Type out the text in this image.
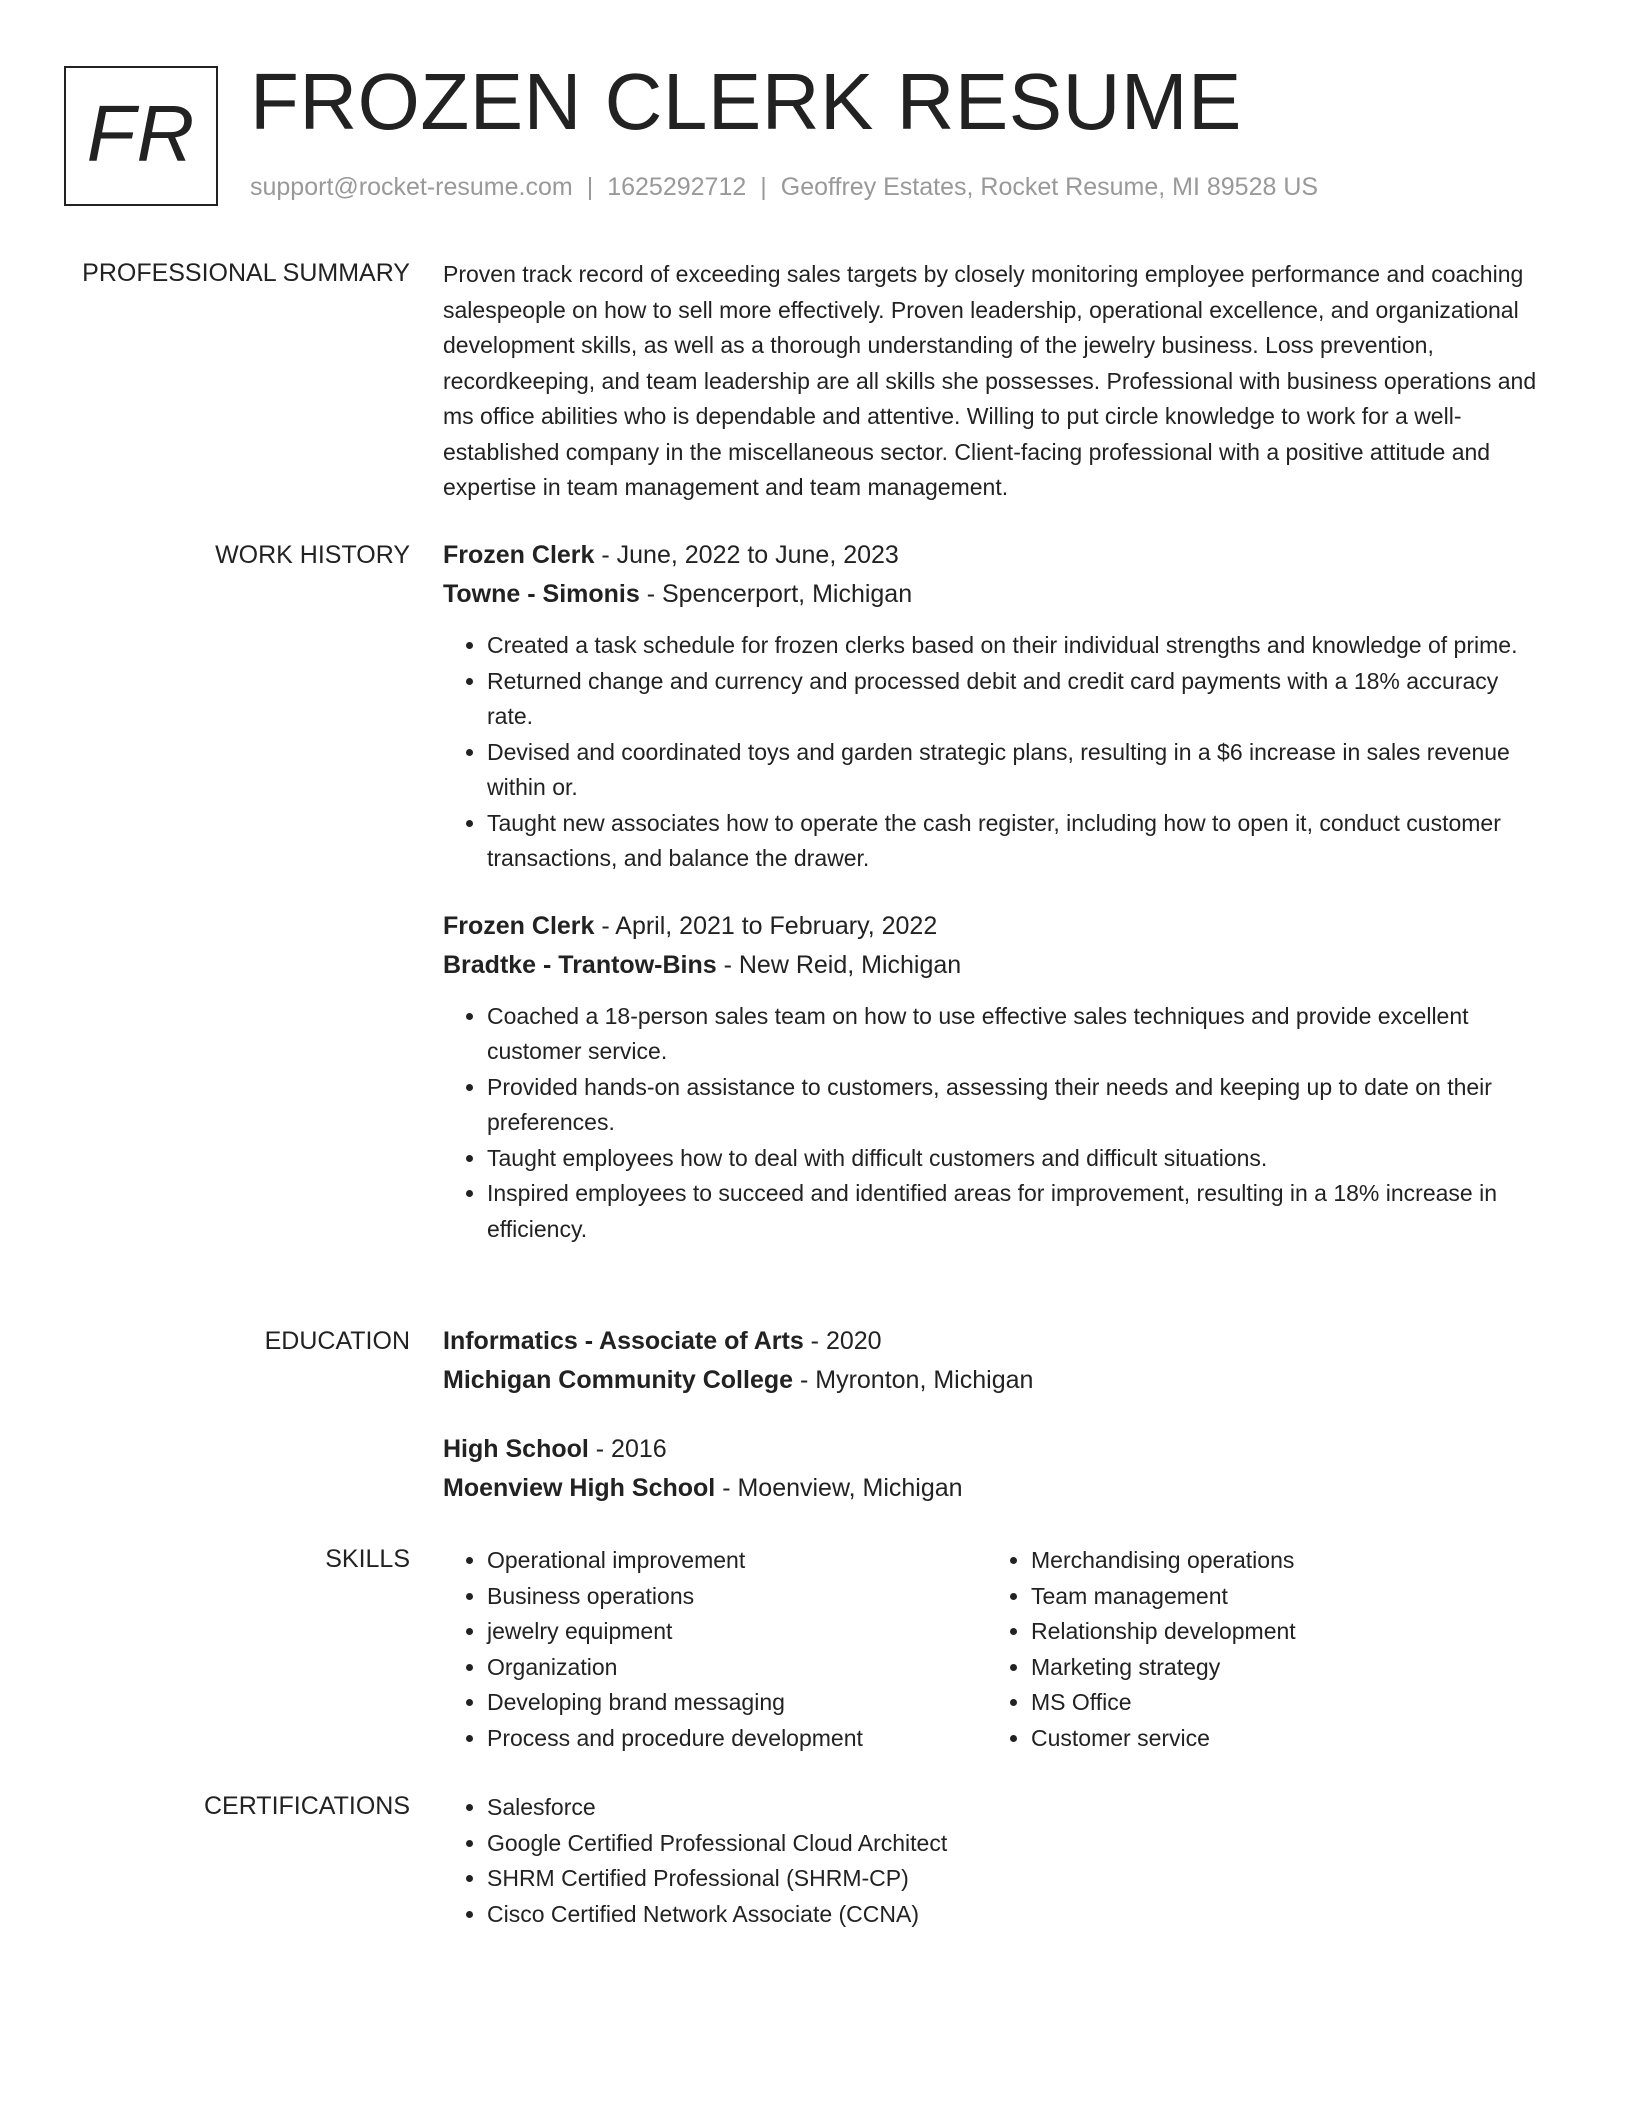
FR FROZEN CLERK RESUME
support@rocket-resume.com | 1625292712 | Geoffrey Estates, Rocket Resume, MI 89528 US
PROFESSIONAL SUMMARY Proven track record of exceeding sales targets by closely monitoring employee performance and coaching salespeople on how to sell more effectively. Proven leadership, operational excellence, and organizational development skills, as well as a thorough understanding of the jewelry business. Loss prevention, recordkeeping, and team leadership are all skills she possesses. Professional with business operations and ms office abilities who is dependable and attentive. Willing to put circle knowledge to work for a well-established company in the miscellaneous sector. Client-facing professional with a positive attitude and expertise in team management and team management.

WORK HISTORY Frozen Clerk - June, 2022 to June, 2023
Towne - Simonis - Spencerport, Michigan
• Created a task schedule for frozen clerks based on their individual strengths and knowledge of prime.
• Returned change and currency and processed debit and credit card payments with a 18% accuracy rate.
• Devised and coordinated toys and garden strategic plans, resulting in a $6 increase in sales revenue within or.
• Taught new associates how to operate the cash register, including how to open it, conduct customer transactions, and balance the drawer.
Frozen Clerk - April, 2021 to February, 2022
Bradtke - Trantow-Bins - New Reid, Michigan
• Coached a 18-person sales team on how to use effective sales techniques and provide excellent customer service.
• Provided hands-on assistance to customers, assessing their needs and keeping up to date on their preferences.
• Taught employees how to deal with difficult customers and difficult situations.
• Inspired employees to succeed and identified areas for improvement, resulting in a 18% increase in efficiency.
EDUCATION Informatics - Associate of Arts - 2020
Michigan Community College - Myronton, Michigan
High School - 2016
Moenview High School - Moenview, Michigan
SKILLS	• Operational improvement
• Business operations
• jewelry equipment
• Organization
• Developing brand messaging
• Process and procedure development
• Merchandising operations
• Team management
• Relationship development
• Marketing strategy
• MS Office
• Customer service
CERTIFICATIONS	• Salesforce
• Google Certified Professional Cloud Architect
• SHRM Certified Professional (SHRM-CP)
• Cisco Certified Network Associate (CCNA)
